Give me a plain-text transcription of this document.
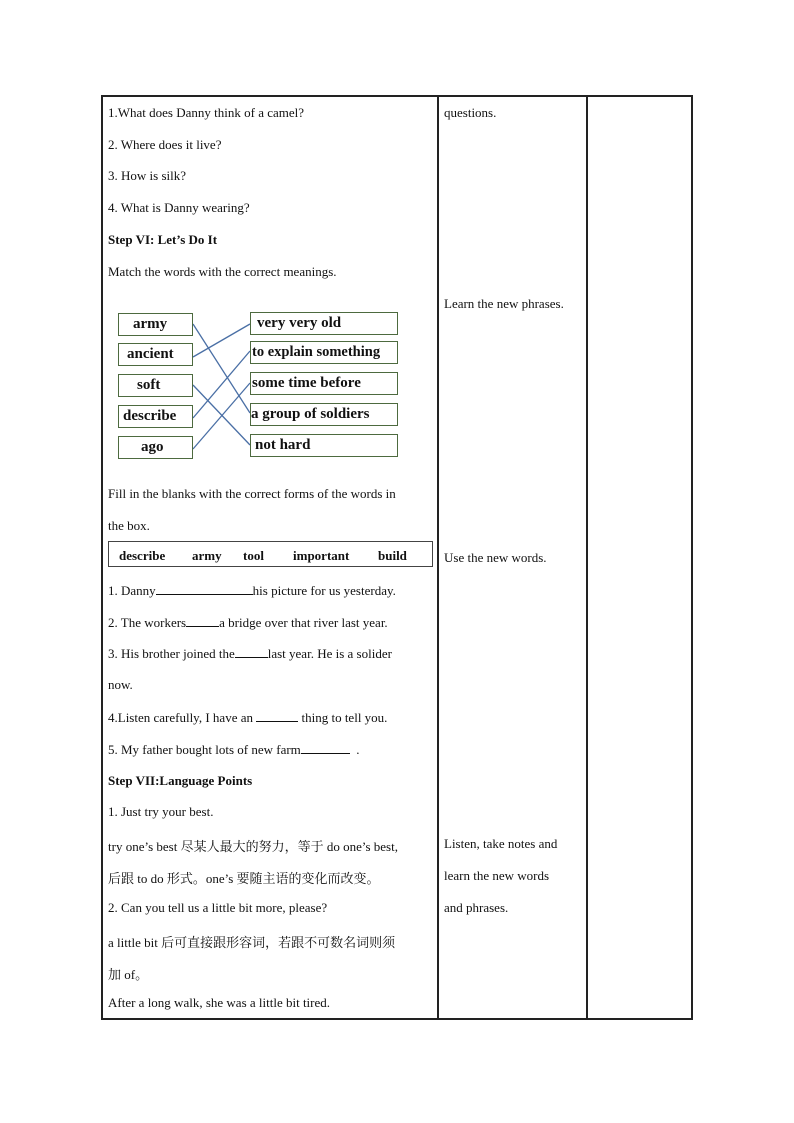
1.What does Danny think of a camel?
2. Where does it live?
3. How is silk?
4. What is Danny wearing?
Step VI: Let’s Do It
Match the words with the correct meanings.
army
ancient
soft
describe
ago
very very old
to explain something
some time before
a group of soldiers
not hard
Fill in the blanks with the correct forms of the words in
the box.
describe army tool important build
1. Danny	his picture for us yesterday.
2. The workers	a bridge over that river last year.
3. His brother joined the	last year. He is a solider
now.
4.Listen carefully, I have an	thing to tell you.
5. My father bought lots of new farm	.
Step VII:Language Points
1. Just try your best.
try one’s best 尽某人最大的努力，等于 do one’s best,
后跟 to do 形式。one’s 要随主语的变化而改变。
2. Can you tell us a little bit more, please?
a little bit 后可直接跟形容词，若跟不可数名词则须
加 of。
After a long walk, she was a little bit tired.
questions.
Learn the new phrases.
Use the new words.
Listen, take notes and
learn the new words
and phrases.
